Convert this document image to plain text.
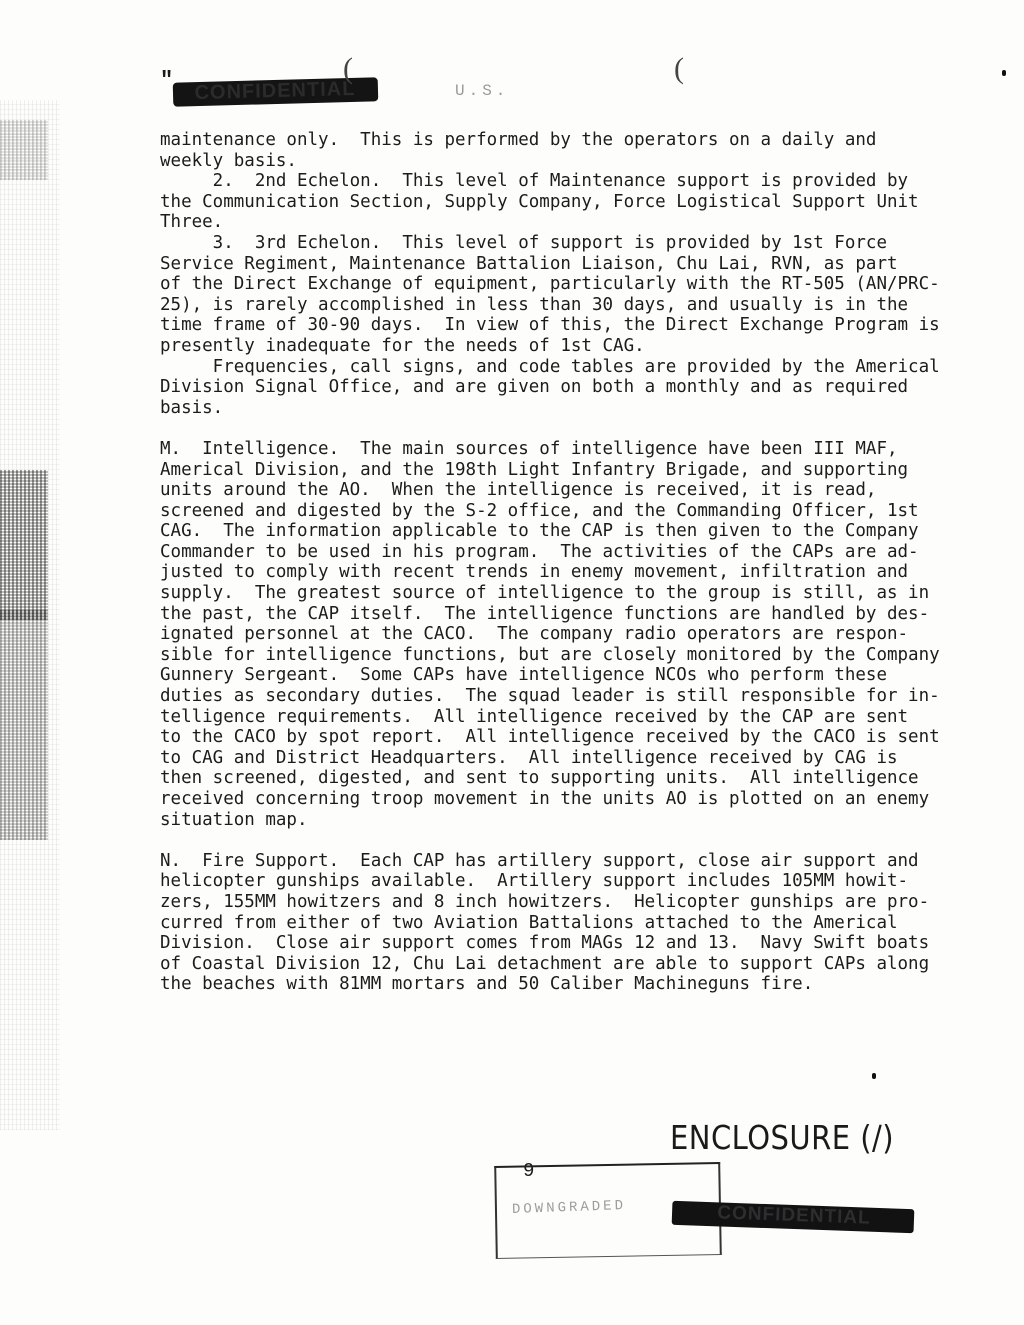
"	CONFIDENTIAL
(	(
U.S.
maintenance only.  This is performed by the operators on a daily and
weekly basis.
2.  2nd Echelon.  This level of Maintenance support is provided by
the Communication Section, Supply Company, Force Logistical Support Unit
Three.
3.  3rd Echelon.  This level of support is provided by 1st Force
Service Regiment, Maintenance Battalion Liaison, Chu Lai, RVN, as part
of the Direct Exchange of equipment, particularly with the RT-505 (AN/PRC-
25), is rarely accomplished in less than 30 days, and usually is in the
time frame of 30-90 days.  In view of this, the Direct Exchange Program is
presently inadequate for the needs of 1st CAG.
Frequencies, call signs, and code tables are provided by the Americal
Division Signal Office, and are given on both a monthly and as required
basis.

M.  Intelligence.  The main sources of intelligence have been III MAF,
Americal Division, and the 198th Light Infantry Brigade, and supporting
units around the AO.  When the intelligence is received, it is read,
screened and digested by the S-2 office, and the Commanding Officer, 1st
CAG.  The information applicable to the CAP is then given to the Company
Commander to be used in his program.  The activities of the CAPs are ad-
justed to comply with recent trends in enemy movement, infiltration and
supply.  The greatest source of intelligence to the group is still, as in
the past, the CAP itself.  The intelligence functions are handled by des-
ignated personnel at the CACO.  The company radio operators are respon-
sible for intelligence functions, but are closely monitored by the Company
Gunnery Sergeant.  Some CAPs have intelligence NCOs who perform these
duties as secondary duties.  The squad leader is still responsible for in-
telligence requirements.  All intelligence received by the CAP are sent
to the CACO by spot report.  All intelligence received by the CACO is sent
to CAG and District Headquarters.  All intelligence received by CAG is
then screened, digested, and sent to supporting units.  All intelligence
received concerning troop movement in the units AO is plotted on an enemy
situation map.

N.  Fire Support.  Each CAP has artillery support, close air support and
helicopter gunships available.  Artillery support includes 105MM howit-
zers, 155MM howitzers and 8 inch howitzers.  Helicopter gunships are pro-
curred from either of two Aviation Battalions attached to the Americal
Division.  Close air support comes from MAGs 12 and 13.  Navy Swift boats
of Coastal Division 12, Chu Lai detachment are able to support CAPs along
the beaches with 81MM mortars and 50 Caliber Machineguns fire.

ENCLOSURE (/)
9
DOWNGRADED	CONFIDENTIAL
